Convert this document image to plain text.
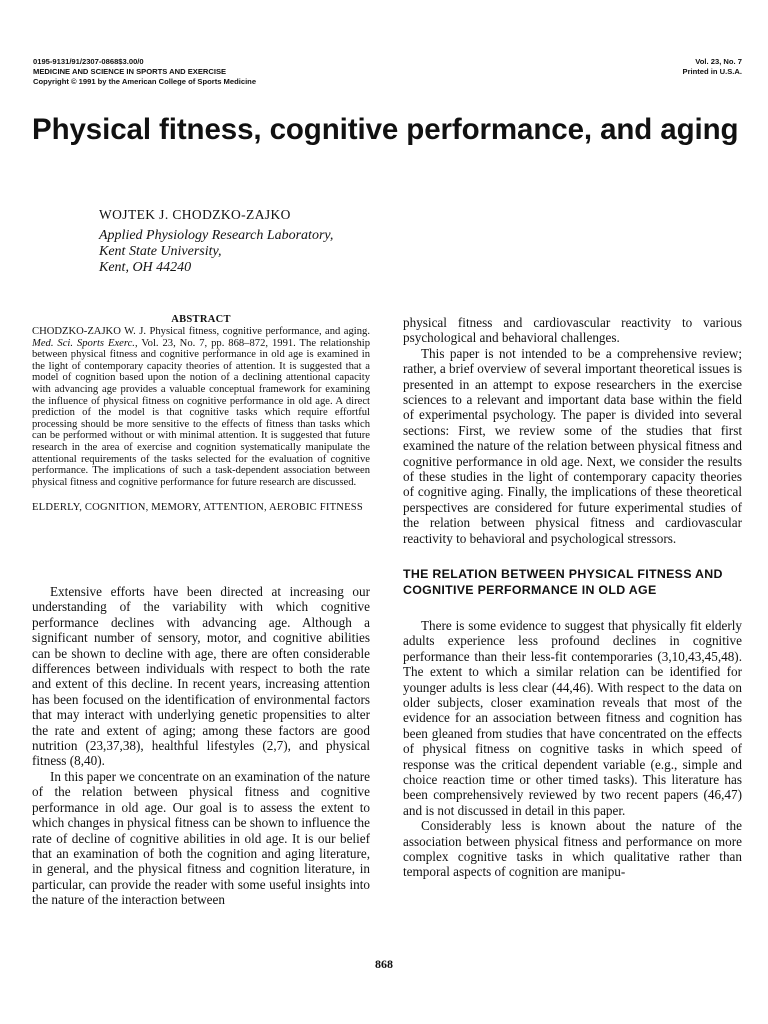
0195-9131/91/2307-0868$3.00/0
MEDICINE AND SCIENCE IN SPORTS AND EXERCISE
Copyright © 1991 by the American College of Sports Medicine
Vol. 23, No. 7
Printed in U.S.A.
Physical fitness, cognitive performance, and aging
WOJTEK J. CHODZKO-ZAJKO
Applied Physiology Research Laboratory,
Kent State University,
Kent, OH 44240
ABSTRACT

CHODZKO-ZAJKO W. J. Physical fitness, cognitive performance, and aging. Med. Sci. Sports Exerc., Vol. 23, No. 7, pp. 868–872, 1991. The relationship between physical fitness and cognitive performance in old age is examined in the light of contemporary capacity theories of attention. It is suggested that a model of cognition based upon the notion of a declining attentional capacity with advancing age provides a valuable conceptual framework for examining the influence of physical fitness on cognitive performance in old age. A direct prediction of the model is that cognitive tasks which require effortful processing should be more sensitive to the effects of fitness than tasks which can be performed without or with minimal attention. It is suggested that future research in the area of exercise and cognition systematically manipulate the attentional requirements of the tasks selected for the evaluation of cognitive performance. The implications of such a task-dependent association between physical fitness and cognitive performance for future research are discussed.

ELDERLY, COGNITION, MEMORY, ATTENTION, AEROBIC FITNESS

Extensive efforts have been directed at increasing our understanding of the variability with which cognitive performance declines with advancing age. Although a significant number of sensory, motor, and cognitive abilities can be shown to decline with age, there are often considerable differences between individuals with respect to both the rate and extent of this decline. In recent years, increasing attention has been focused on the identification of environmental factors that may interact with underlying genetic propensities to alter the rate and extent of aging; among these factors are good nutrition (23,37,38), healthful lifestyles (2,7), and physical fitness (8,40).

In this paper we concentrate on an examination of the nature of the relation between physical fitness and cognitive performance in old age. Our goal is to assess the extent to which changes in physical fitness can be shown to influence the rate of decline of cognitive abilities in old age. It is our belief that an examination of both the cognition and aging literature, in general, and the physical fitness and cognition literature, in particular, can provide the reader with some useful insights into the nature of the interaction between

physical fitness and cardiovascular reactivity to various psychological and behavioral challenges.

This paper is not intended to be a comprehensive review; rather, a brief overview of several important theoretical issues is presented in an attempt to expose researchers in the exercise sciences to a relevant and important data base within the field of experimental psychology. The paper is divided into several sections: First, we review some of the studies that first examined the nature of the relation between physical fitness and cognitive performance in old age. Next, we consider the results of these studies in the light of contemporary capacity theories of cognitive aging. Finally, the implications of these theoretical perspectives are considered for future experimental studies of the relation between physical fitness and cardiovascular reactivity to behavioral and psychological stressors.

THE RELATION BETWEEN PHYSICAL FITNESS AND COGNITIVE PERFORMANCE IN OLD AGE

There is some evidence to suggest that physically fit elderly adults experience less profound declines in cognitive performance than their less-fit contemporaries (3,10,43,45,48). The extent to which a similar relation can be identified for younger adults is less clear (44,46). With respect to the data on older subjects, closer examination reveals that most of the evidence for an association between fitness and cognition has been gleaned from studies that have concentrated on the effects of physical fitness on cognitive tasks in which speed of response was the critical dependent variable (e.g., simple and choice reaction time or other timed tasks). This literature has been comprehensively reviewed by two recent papers (46,47) and is not discussed in detail in this paper.

Considerably less is known about the nature of the association between physical fitness and performance on more complex cognitive tasks in which qualitative rather than temporal aspects of cognition are manipu-

868
